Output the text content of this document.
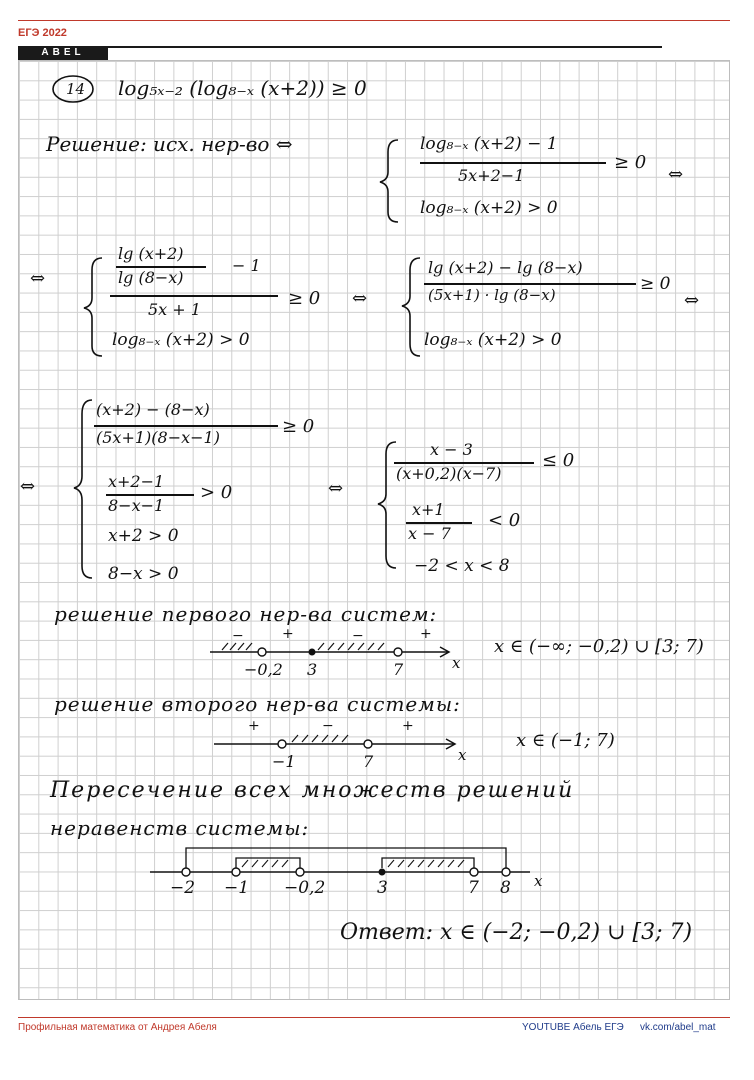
ЕГЭ 2022
ABEL
14 log₅ₓ₋₂ (log₈₋ₓ (x+2)) ≥ 0
Решение: исх. нер-во ⇔	log₈₋ₓ (x+2) − 1
5x+2−1
≥ 0
⇔
log₈₋ₓ (x+2) > 0
⇔
lg (x+2)
lg (8−x)
− 1
5x + 1
≥ 0
log₈₋ₓ (x+2) > 0
⇔
lg (x+2) − lg (8−x)
(5x+1) · lg (8−x)
≥ 0
⇔
log₈₋ₓ (x+2) > 0
⇔
(x+2) − (8−x)
(5x+1)(8−x−1)
≥ 0
x+2−1
8−x−1
> 0
x+2 > 0
8−x > 0
⇔
x − 3
(x+0,2)(x−7)
≤ 0
x+1
x − 7
< 0
−2 < x < 8
решение первого нер-ва систем:
−	+	−	+
−0,2 3	7	x
x ∈ (−∞; −0,2) ∪ [3; 7)
решение второго нер-ва системы:
+	−	+
−1	7	x
x ∈ (−1; 7)
Пересечение всех множеств решений
неравенств системы:
−2 −1 −0,2	3	7 8 x
Ответ: x ∈ (−2; −0,2) ∪ [3; 7)
Профильная математика от Андрея Абеля	YOUTUBE Абель ЕГЭ vk.com/abel_mat
